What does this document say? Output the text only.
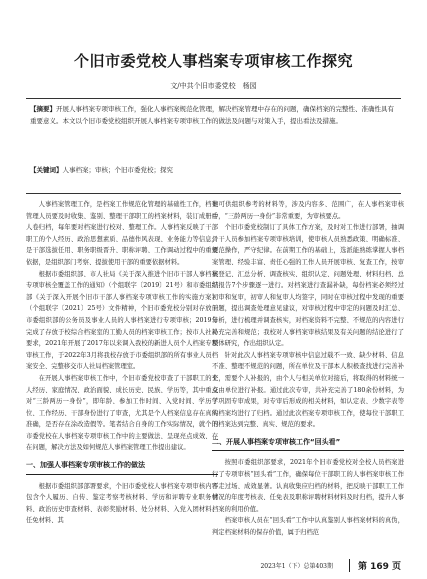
个旧市委党校人事档案专项审核工作探究
文/中共个旧市委党校　杨园
【摘要】开展人事档案专项审核工作，强化人事档案规范化管理，解决档案管理中存在的问题，确保档案的完整性、准确性具有重要意义。本文以个旧市委党校组织开展人事档案专项审核工作的做法及问题与对策入手，提出看法及措施。
【关键词】人事档案；审核；个旧市委党校；探究

人事档案管理工作，是档案工作规范化管理的基础性工作，档案管理人员要及时收集、鉴别、整理干部职工的档案材料，装订成册后人卷归档，每年要对档案进行校对、整理工作。人事档案反映了干部职工的个人经历、政治思想素质、品德作风表现、业务能力等信息，是干部选拔任用、职务职级晋升、职称评聘、工作调动过程中的重要依据，是组织部门考察、提拔使用干部的重要依据材料。

根据市委组织部、市人社局《关于深入推进个旧市干部人事档案专项审核全覆盖工作的通知》（个组联字〔2019〕21号）和市委组织部《关于深入开展个旧市干部人事档案专项审核工作的实施方案》（个组联字〔2021〕25号）文件精神，个旧市委党校分别对存放于市委组织部的公务员及事业人员的人事档案进行专项审核；2019年完成了存放于校综合档案室的工勤人员的档案审核工作；按市人社局要求，2021年开展了2017年以来调入我校的新进人员个人档案专项审核工作，于2022年3月将我校存放于市委组织部的所有事业人员档案安全、完整移交市人社局档案管理室。

在开展人事档案审核工作中，个旧市委党校审查了干部职工的个人经历、家庭情况、政治面貌、成长历史、民族、学历等，其中重点对“三龄两历一身份”，即年龄、参加工作时间、入党时间、学历学位、工作经历、干部身份进行了审查，尤其是个人档案信息存在真实准确，是否存在涂改造假等。笔者结合自身的工作实际情况，就个旧市委党校在人事档案专项审核工作中的主要做法、呈现亮点成效、存在问题，解决方法及如何规范人事档案管理工作提出建议。

一、加强人事档案专项审核工作的做法

根据市委组织部部署要求，个旧市委党校人事档案专项审核内容包含个人履历、自传、鉴定考察考核材料、学历和评聘专业职务材料、政治历史审查材料、表彰奖励材料、处分材料、入党入团材料、任免材料、其

他可供组织参考的材料等，涉及内容多、范围广，在人事档案审核中，“三龄两历一身份”非常重要，为审核要点。

个旧市委党校制订了具体工作方案，及时对工作进行部署，抽调骨干人员参加档案专项审核培训，使审核人员熟悉政策、明确标准、规范操作，严守纪律。在前期工作的基础上，选派能熟练掌握人事档案管理、经验丰富、责任心强的工作人员开展审核、复查工作，按审核登记、汇总分析、调查核实、组织认定、问题处理、材料归档、总结报告7个步骤逐一进行。对档案进行查漏补缺，每份档案必须经过初审和复审，初审人和复审人均签字，同时在审核过程中发现的重要问题，提出调查处理意见建议，对审核过程中审定的问题及时汇总、分析，进行梳理并调查核实，对档案资料不完整、不规范的内容进行补充完善和规范；我校对人事档案审核结果及有关问题的结论进行了整体研究，作出组织认定。

针对此次人事档案专项审核中信息过载不一致、缺少材料、信息不准、整理不规范的问题，所在单位及干部本人积极查找进行完善补充，需要个人补报的，由个人与相关单位对接后，将取得的材料统一交由单位进行补报。通过此次专审，共补充完善了180余份材料，为了巩固专审成果，对专审后形成的相关材料，如认定表、少数字表等的档案均进行了归档。通过此次档案专项审核工作，使每位干部职工的档案达到完整、真实、规范的要求。

二、开展人事档案专项审核工作“回头看”

按照市委组织部要求，2021年个旧市委党校对全校人员档案进行了专项审核“回头看”工作，确保每位干部职工的人事档案审核工作不走过场、成效显著。认真收集应归档的材料，把反映干部职工工作情况的年度考核表、任免表及职称评聘材料材料及时归档，提升人事档案的利用价值。

档案审核人员在“回头看”工作中认真鉴别人事档案材料的真伪，判定档案材料的保存价值，属于归档范

2023年1（下）总第403期	第 169 页
